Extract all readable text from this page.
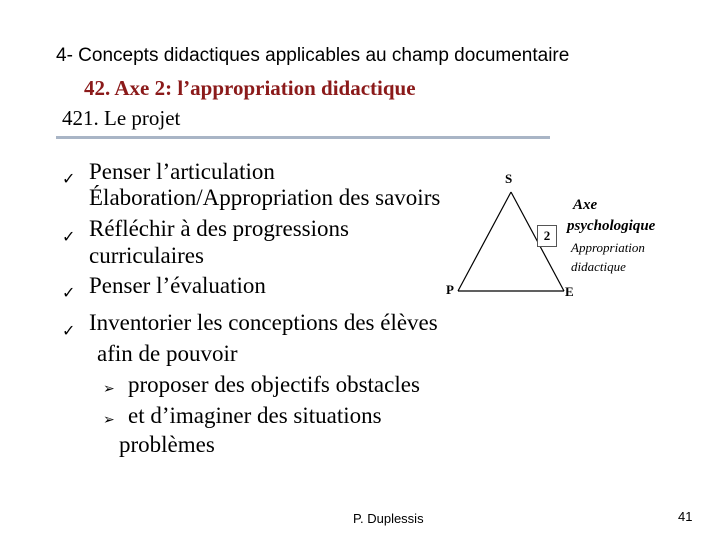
4- Concepts didactiques applicables au champ documentaire
42. Axe 2: l’appropriation didactique
421. Le projet
✓ Penser l’articulation
Élaboration/Appropriation des savoirs
✓ Réfléchir à des progressions
curriculaires
✓ Penser l’évaluation
✓ Inventorier les conceptions des élèves
afin de pouvoir
➢ proposer des objectifs obstacles
➢ et d’imaginer des situations
problèmes
S
P	E
2
Axe
psychologique
Appropriation
didactique
P. Duplessis	41
